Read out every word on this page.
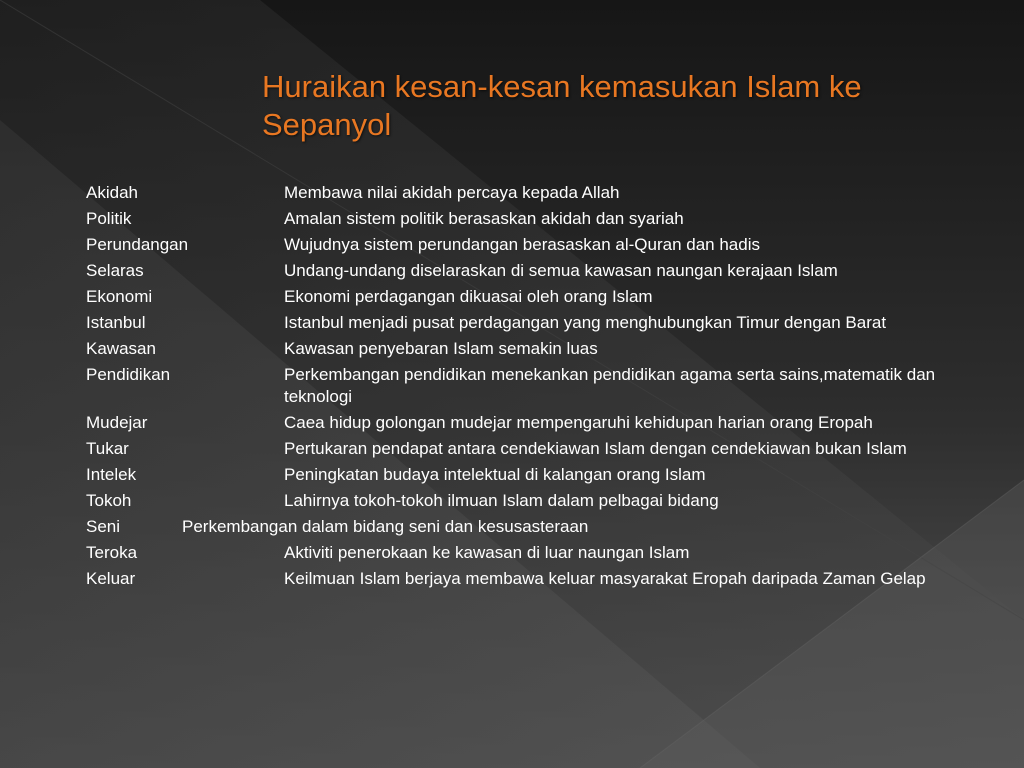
Huraikan kesan-kesan kemasukan Islam ke Sepanyol
Akidah	Membawa nilai akidah percaya kepada Allah
Politik	Amalan sistem politik berasaskan akidah dan syariah
Perundangan	Wujudnya sistem perundangan berasaskan al-Quran dan hadis
Selaras	Undang-undang diselaraskan di semua kawasan naungan kerajaan Islam
Ekonomi	Ekonomi perdagangan dikuasai oleh orang Islam
Istanbul	Istanbul menjadi pusat perdagangan yang menghubungkan Timur dengan Barat
Kawasan	Kawasan penyebaran Islam semakin luas
Pendidikan	Perkembangan pendidikan menekankan pendidikan agama serta sains,matematik dan teknologi
Mudejar	Caea hidup golongan mudejar mempengaruhi kehidupan harian orang Eropah
Tukar	Pertukaran pendapat antara cendekiawan Islam dengan cendekiawan bukan Islam
Intelek	Peningkatan budaya intelektual di kalangan orang Islam
Tokoh	Lahirnya tokoh-tokoh ilmuan Islam dalam pelbagai bidang
Seni	Perkembangan dalam bidang seni dan kesusasteraan
Teroka	Aktiviti penerokaan ke kawasan di luar naungan Islam
Keluar	Keilmuan Islam berjaya membawa keluar masyarakat Eropah daripada Zaman Gelap
